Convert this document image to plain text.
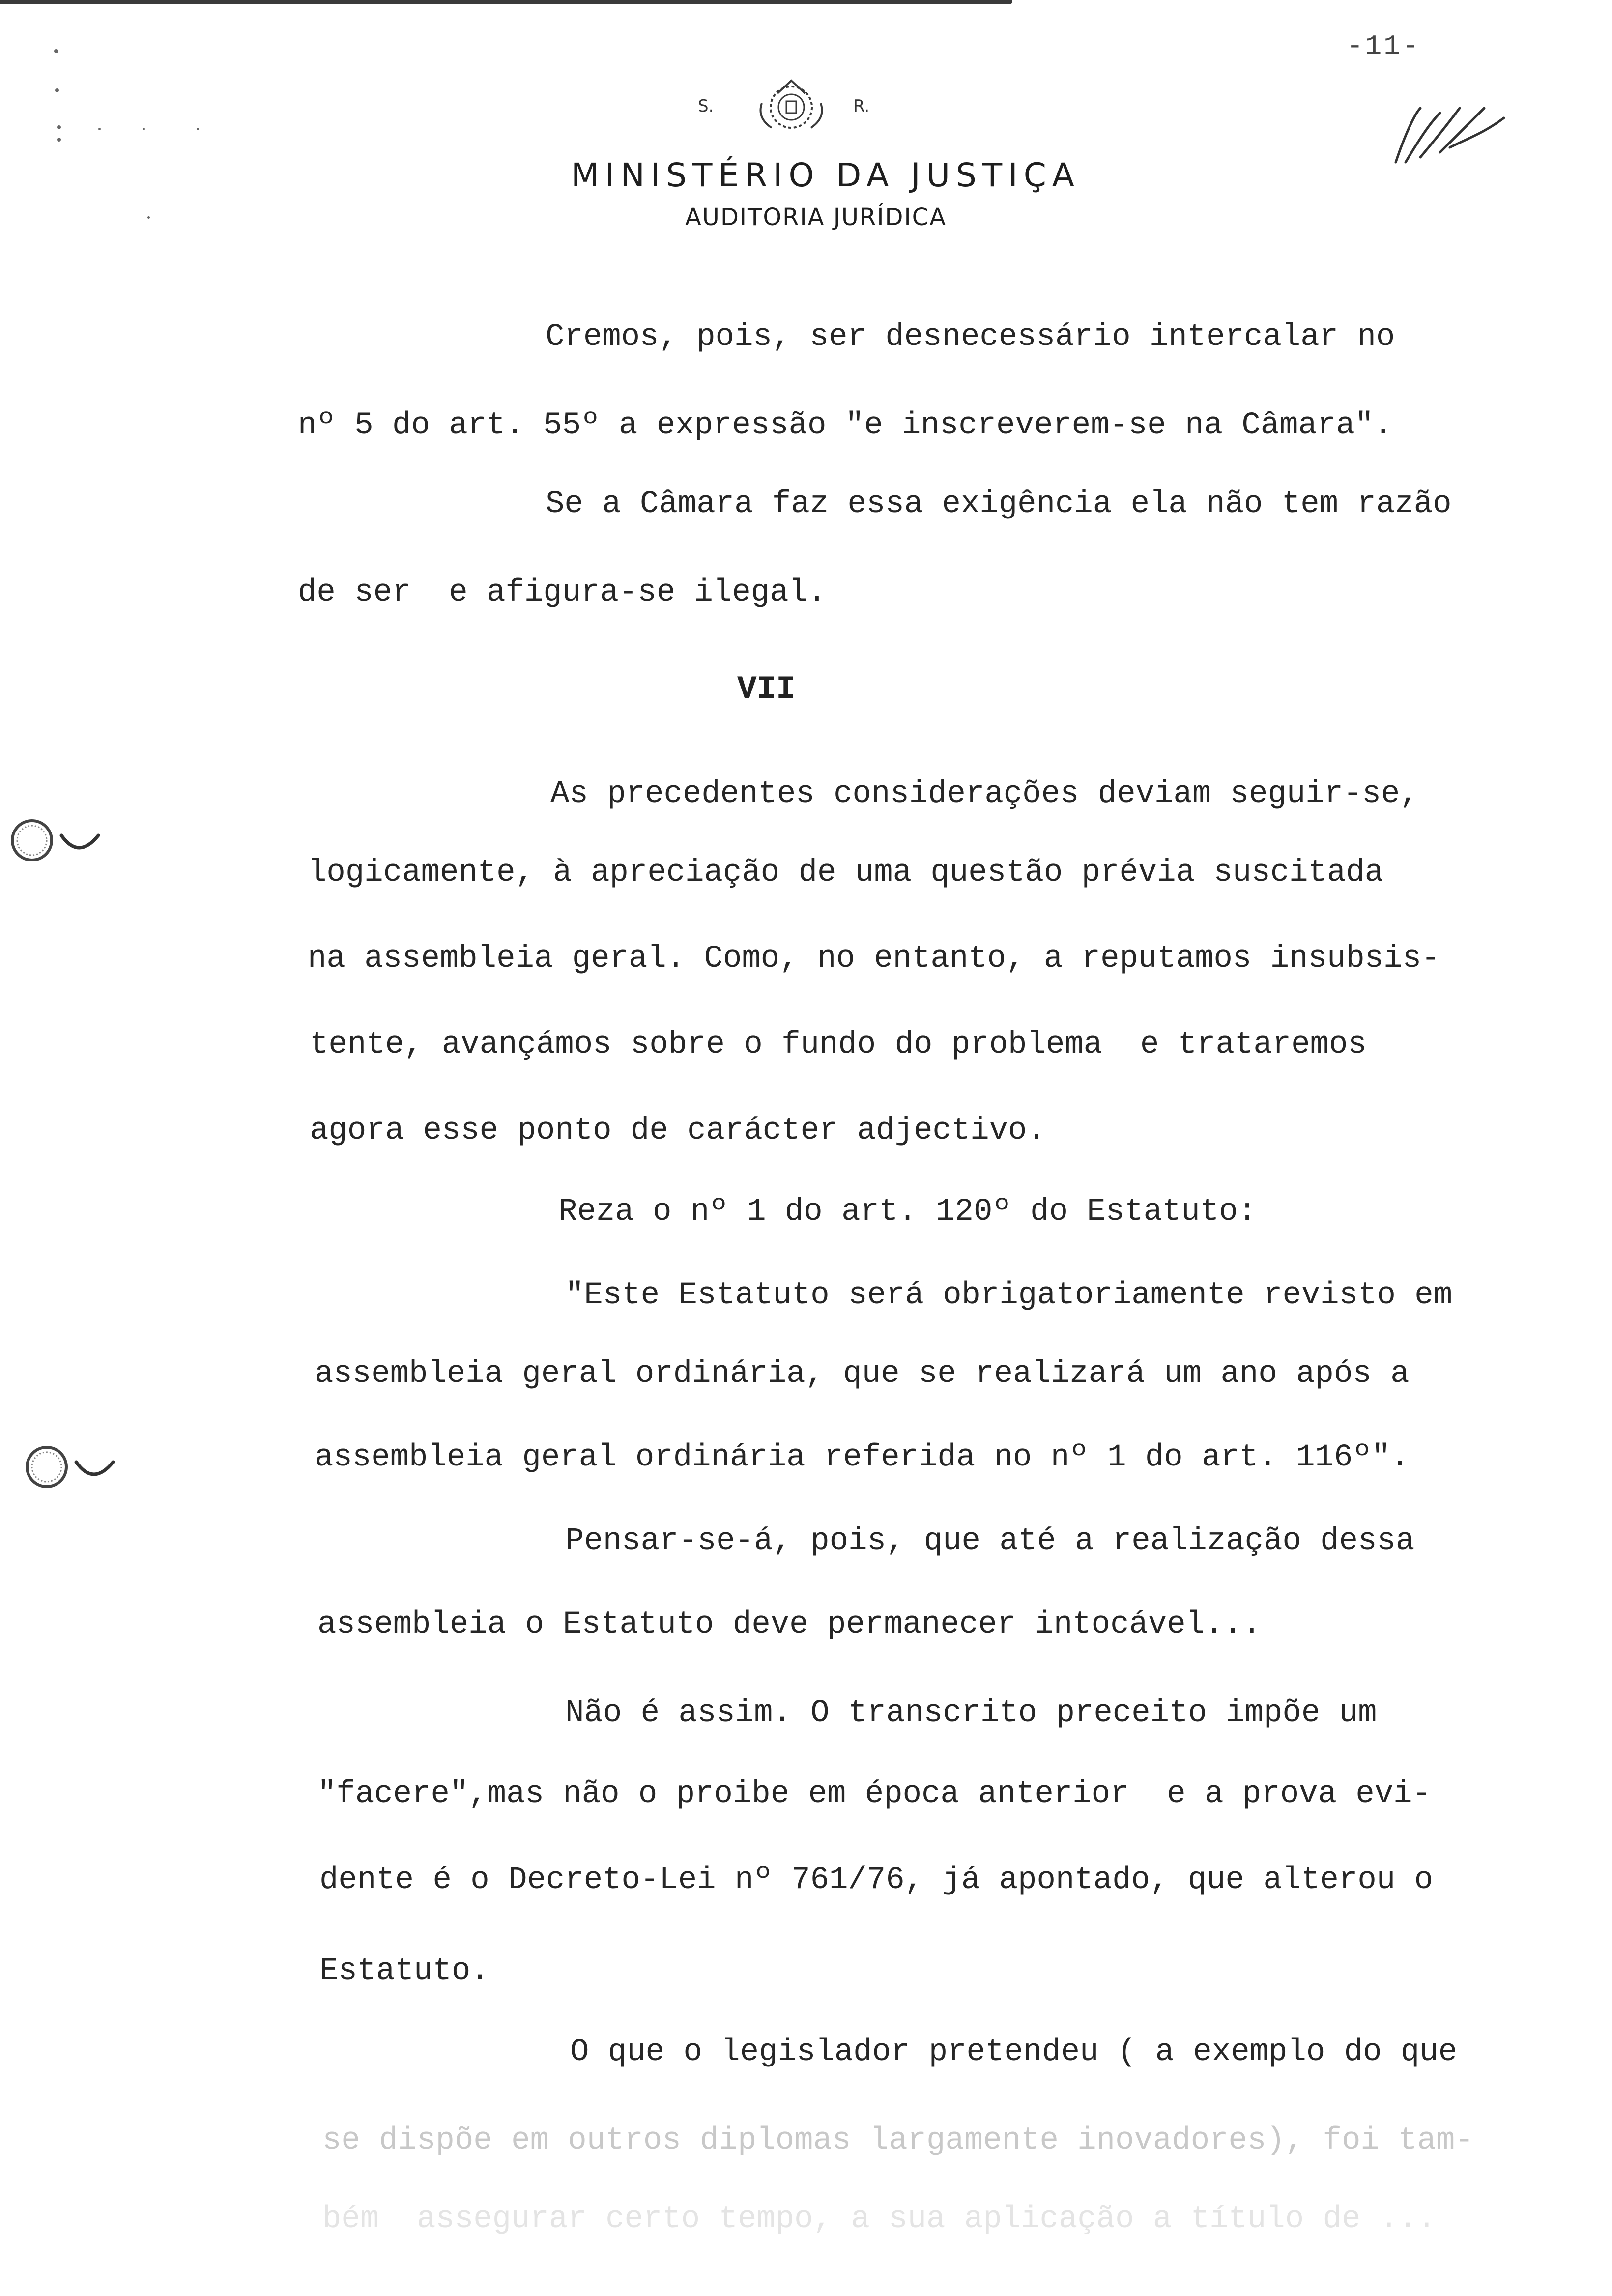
-11-
S.	R.
MINISTÉRIO DA JUSTIÇA
AUDITORIA JURÍDICA
Cremos, pois, ser desnecessário intercalar no
nº 5 do art. 55º a expressão "e inscreverem-se na Câmara".
Se a Câmara faz essa exigência ela não tem razão
de ser  e afigura-se ilegal.
VII
As precedentes considerações deviam seguir-se,
logicamente, à apreciação de uma questão prévia suscitada
na assembleia geral. Como, no entanto, a reputamos insubsis-
tente, avançámos sobre o fundo do problema  e trataremos
agora esse ponto de carácter adjectivo.
Reza o nº 1 do art. 120º do Estatuto:
"Este Estatuto será obrigatoriamente revisto em
assembleia geral ordinária, que se realizará um ano após a
assembleia geral ordinária referida no nº 1 do art. 116º".
Pensar-se-á, pois, que até a realização dessa
assembleia o Estatuto deve permanecer intocável...
Não é assim. O transcrito preceito impõe um
"facere",mas não o proibe em época anterior  e a prova evi-
dente é o Decreto-Lei nº 761/76, já apontado, que alterou o
Estatuto.
O que o legislador pretendeu ( a exemplo do que
se dispõe em outros diplomas largamente inovadores), foi tam-
bém  assegurar certo tempo, a sua aplicação a título de ...
